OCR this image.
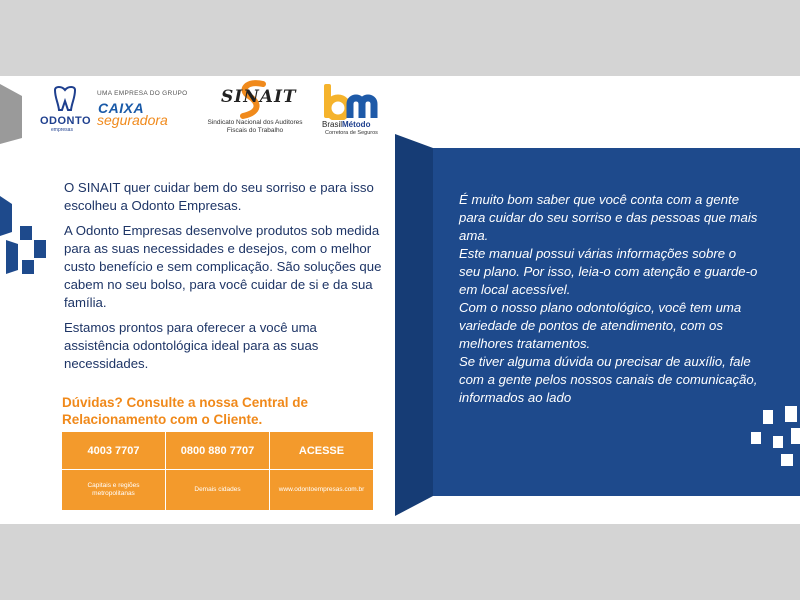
ODONTO
empresas
UMA EMPRESA DO GRUPO
CAIXA
seguradora
SINAIT
Sindicato Nacional dos Auditores Fiscais do Trabalho
BrasilMétodo
Corretora de Seguros

O SINAIT quer cuidar bem do seu sorriso e para isso escolheu a Odonto Empresas.

A Odonto Empresas desenvolve produtos sob medida para as suas necessidades e desejos, com o melhor custo benefício e sem complicação. São soluções que cabem no seu bolso, para você cuidar de si e da sua família.

Estamos prontos para oferecer a você uma assistência odontológica ideal para as suas necessidades.

Dúvidas? Consulte a nossa Central de Relacionamento com o Cliente.
4003 7707
Capitais e regiões metropolitanas
0800 880 7707
Demais cidades
ACESSE
www.odontoempresas.com.br

É muito bom saber que você conta com a gente para cuidar do seu sorriso e das pessoas que mais ama.

Este manual possui várias informações sobre o seu plano. Por isso, leia-o com atenção e guarde-o em local acessível.

Com o nosso plano odontológico, você tem uma variedade de pontos de atendimento, com os melhores tratamentos.

Se tiver alguma dúvida ou precisar de auxílio, fale com a gente pelos nossos canais de comunicação, informados ao lado
